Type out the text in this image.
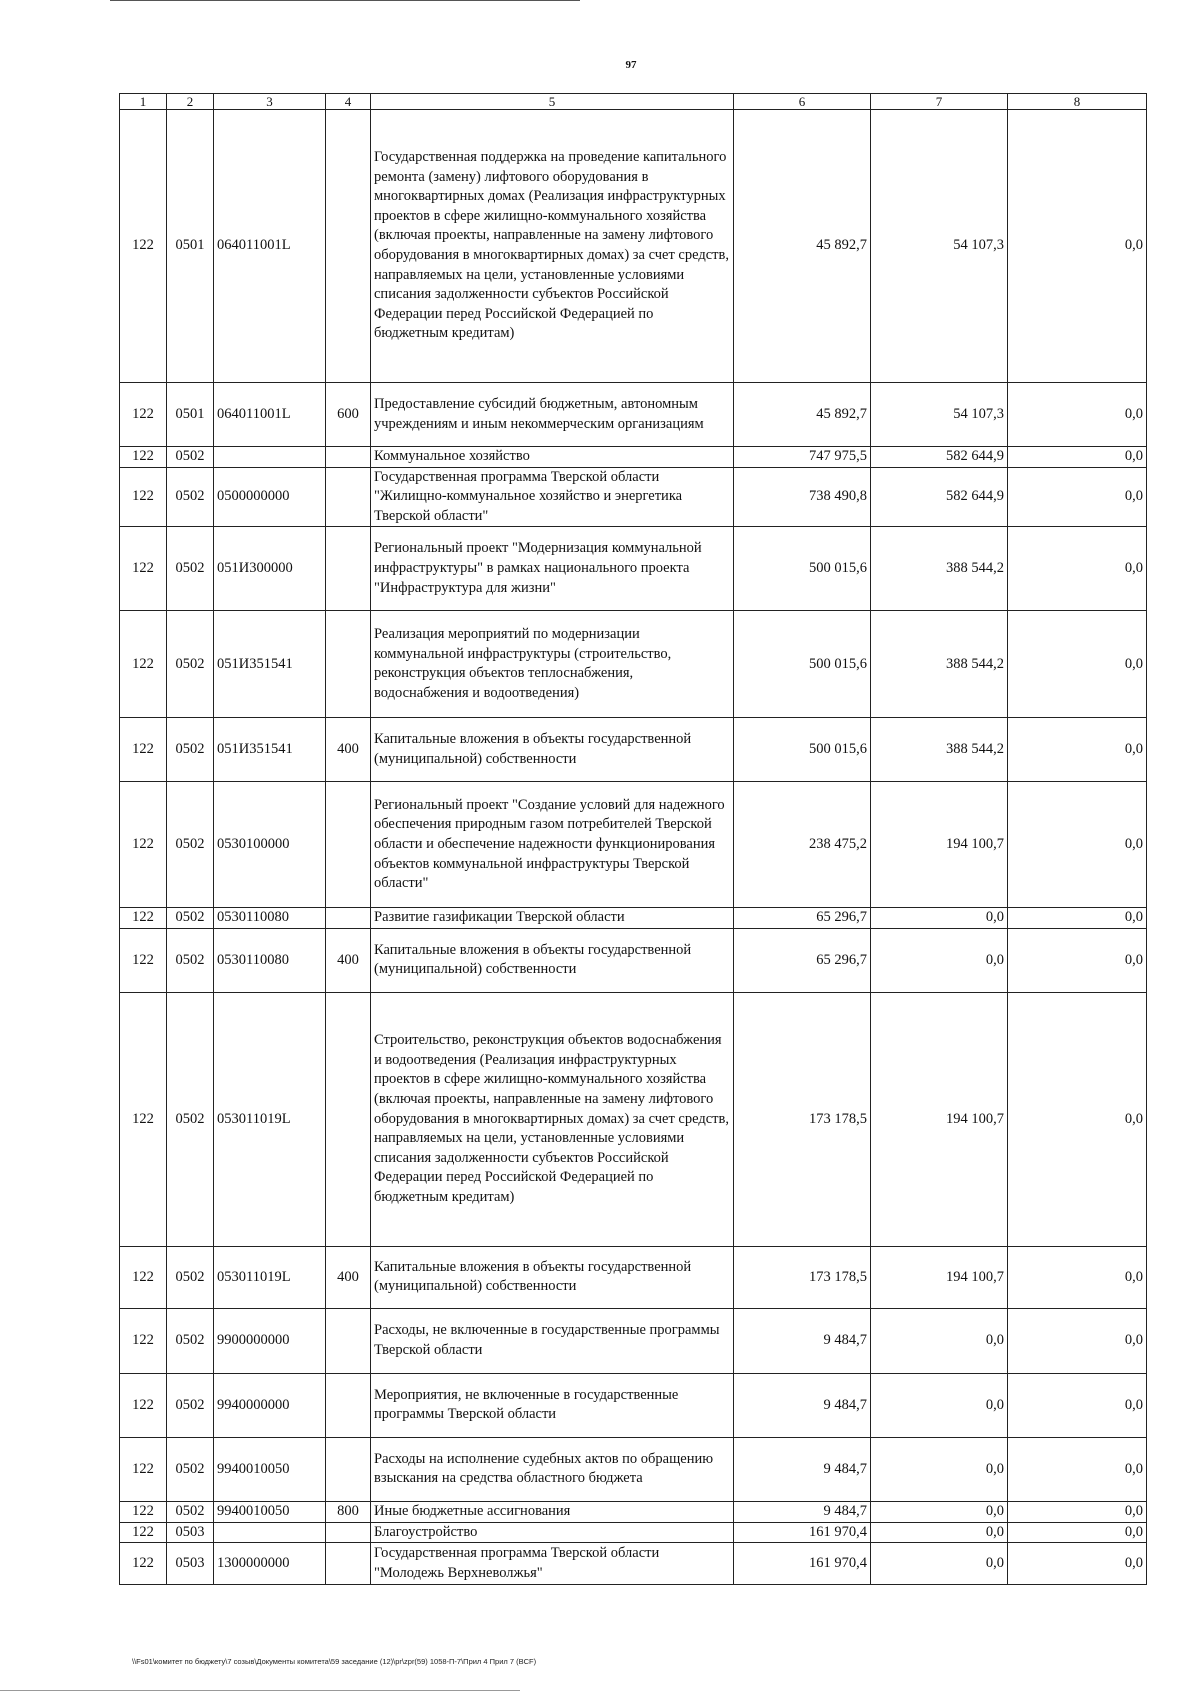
97
1	2	3	4	5	6	7	8
122	0501	064011001L		Государственная поддержка на проведение капитального ремонта (замену) лифтового оборудования в многоквартирных домах (Реализация инфраструктурных проектов в сфере жилищно-коммунального хозяйства (включая проекты, направленные на замену лифтового оборудования в многоквартирных домах) за счет средств, направляемых на цели, установленные условиями списания задолженности субъектов Российской Федерации перед Российской Федерацией по бюджетным кредитам)	45 892,7	54 107,3	0,0
122	0501	064011001L	600	Предоставление субсидий бюджетным, автономным учреждениям и иным некоммерческим организациям	45 892,7	54 107,3	0,0
122	0502			Коммунальное хозяйство	747 975,5	582 644,9	0,0
122	0502	0500000000		Государственная программа Тверской области "Жилищно-коммунальное хозяйство и энергетика Тверской области"	738 490,8	582 644,9	0,0
122	0502	051И300000		Региональный проект "Модернизация коммунальной инфраструктуры" в рамках национального проекта "Инфраструктура для жизни"	500 015,6	388 544,2	0,0
122	0502	051И351541		Реализация мероприятий по модернизации коммунальной инфраструктуры (строительство, реконструкция объектов теплоснабжения, водоснабжения и водоотведения)	500 015,6	388 544,2	0,0
122	0502	051И351541	400	Капитальные вложения в объекты государственной (муниципальной) собственности	500 015,6	388 544,2	0,0
122	0502	0530100000		Региональный проект "Создание условий для надежного обеспечения природным газом потребителей Тверской области и обеспечение надежности функционирования объектов коммунальной инфраструктуры Тверской области"	238 475,2	194 100,7	0,0
122	0502	0530110080		Развитие газификации Тверской области	65 296,7	0,0	0,0
122	0502	0530110080	400	Капитальные вложения в объекты государственной (муниципальной) собственности	65 296,7	0,0	0,0
122	0502	053011019L		Строительство, реконструкция объектов водоснабжения и водоотведения (Реализация инфраструктурных проектов в сфере жилищно-коммунального хозяйства (включая проекты, направленные на замену лифтового оборудования в многоквартирных домах) за счет средств, направляемых на цели, установленные условиями списания задолженности субъектов Российской Федерации перед Российской Федерацией по бюджетным кредитам)	173 178,5	194 100,7	0,0
122	0502	053011019L	400	Капитальные вложения в объекты государственной (муниципальной) собственности	173 178,5	194 100,7	0,0
122	0502	9900000000		Расходы, не включенные в государственные программы Тверской области	9 484,7	0,0	0,0
122	0502	9940000000		Мероприятия, не включенные в государственные программы Тверской области	9 484,7	0,0	0,0
122	0502	9940010050		Расходы на исполнение судебных актов по обращению взыскания на средства областного бюджета	9 484,7	0,0	0,0
122	0502	9940010050	800	Иные бюджетные ассигнования	9 484,7	0,0	0,0
122	0503			Благоустройство	161 970,4	0,0	0,0
122	0503	1300000000		Государственная программа Тверской области "Молодежь Верхневолжья"	161 970,4	0,0	0,0
\\Fs01\комитет по бюджету\7 созыв\Документы комитета\59 заседание (12)\pr\zpr(59) 1058-П-7\Прил 4 Прил 7 (BCF)
